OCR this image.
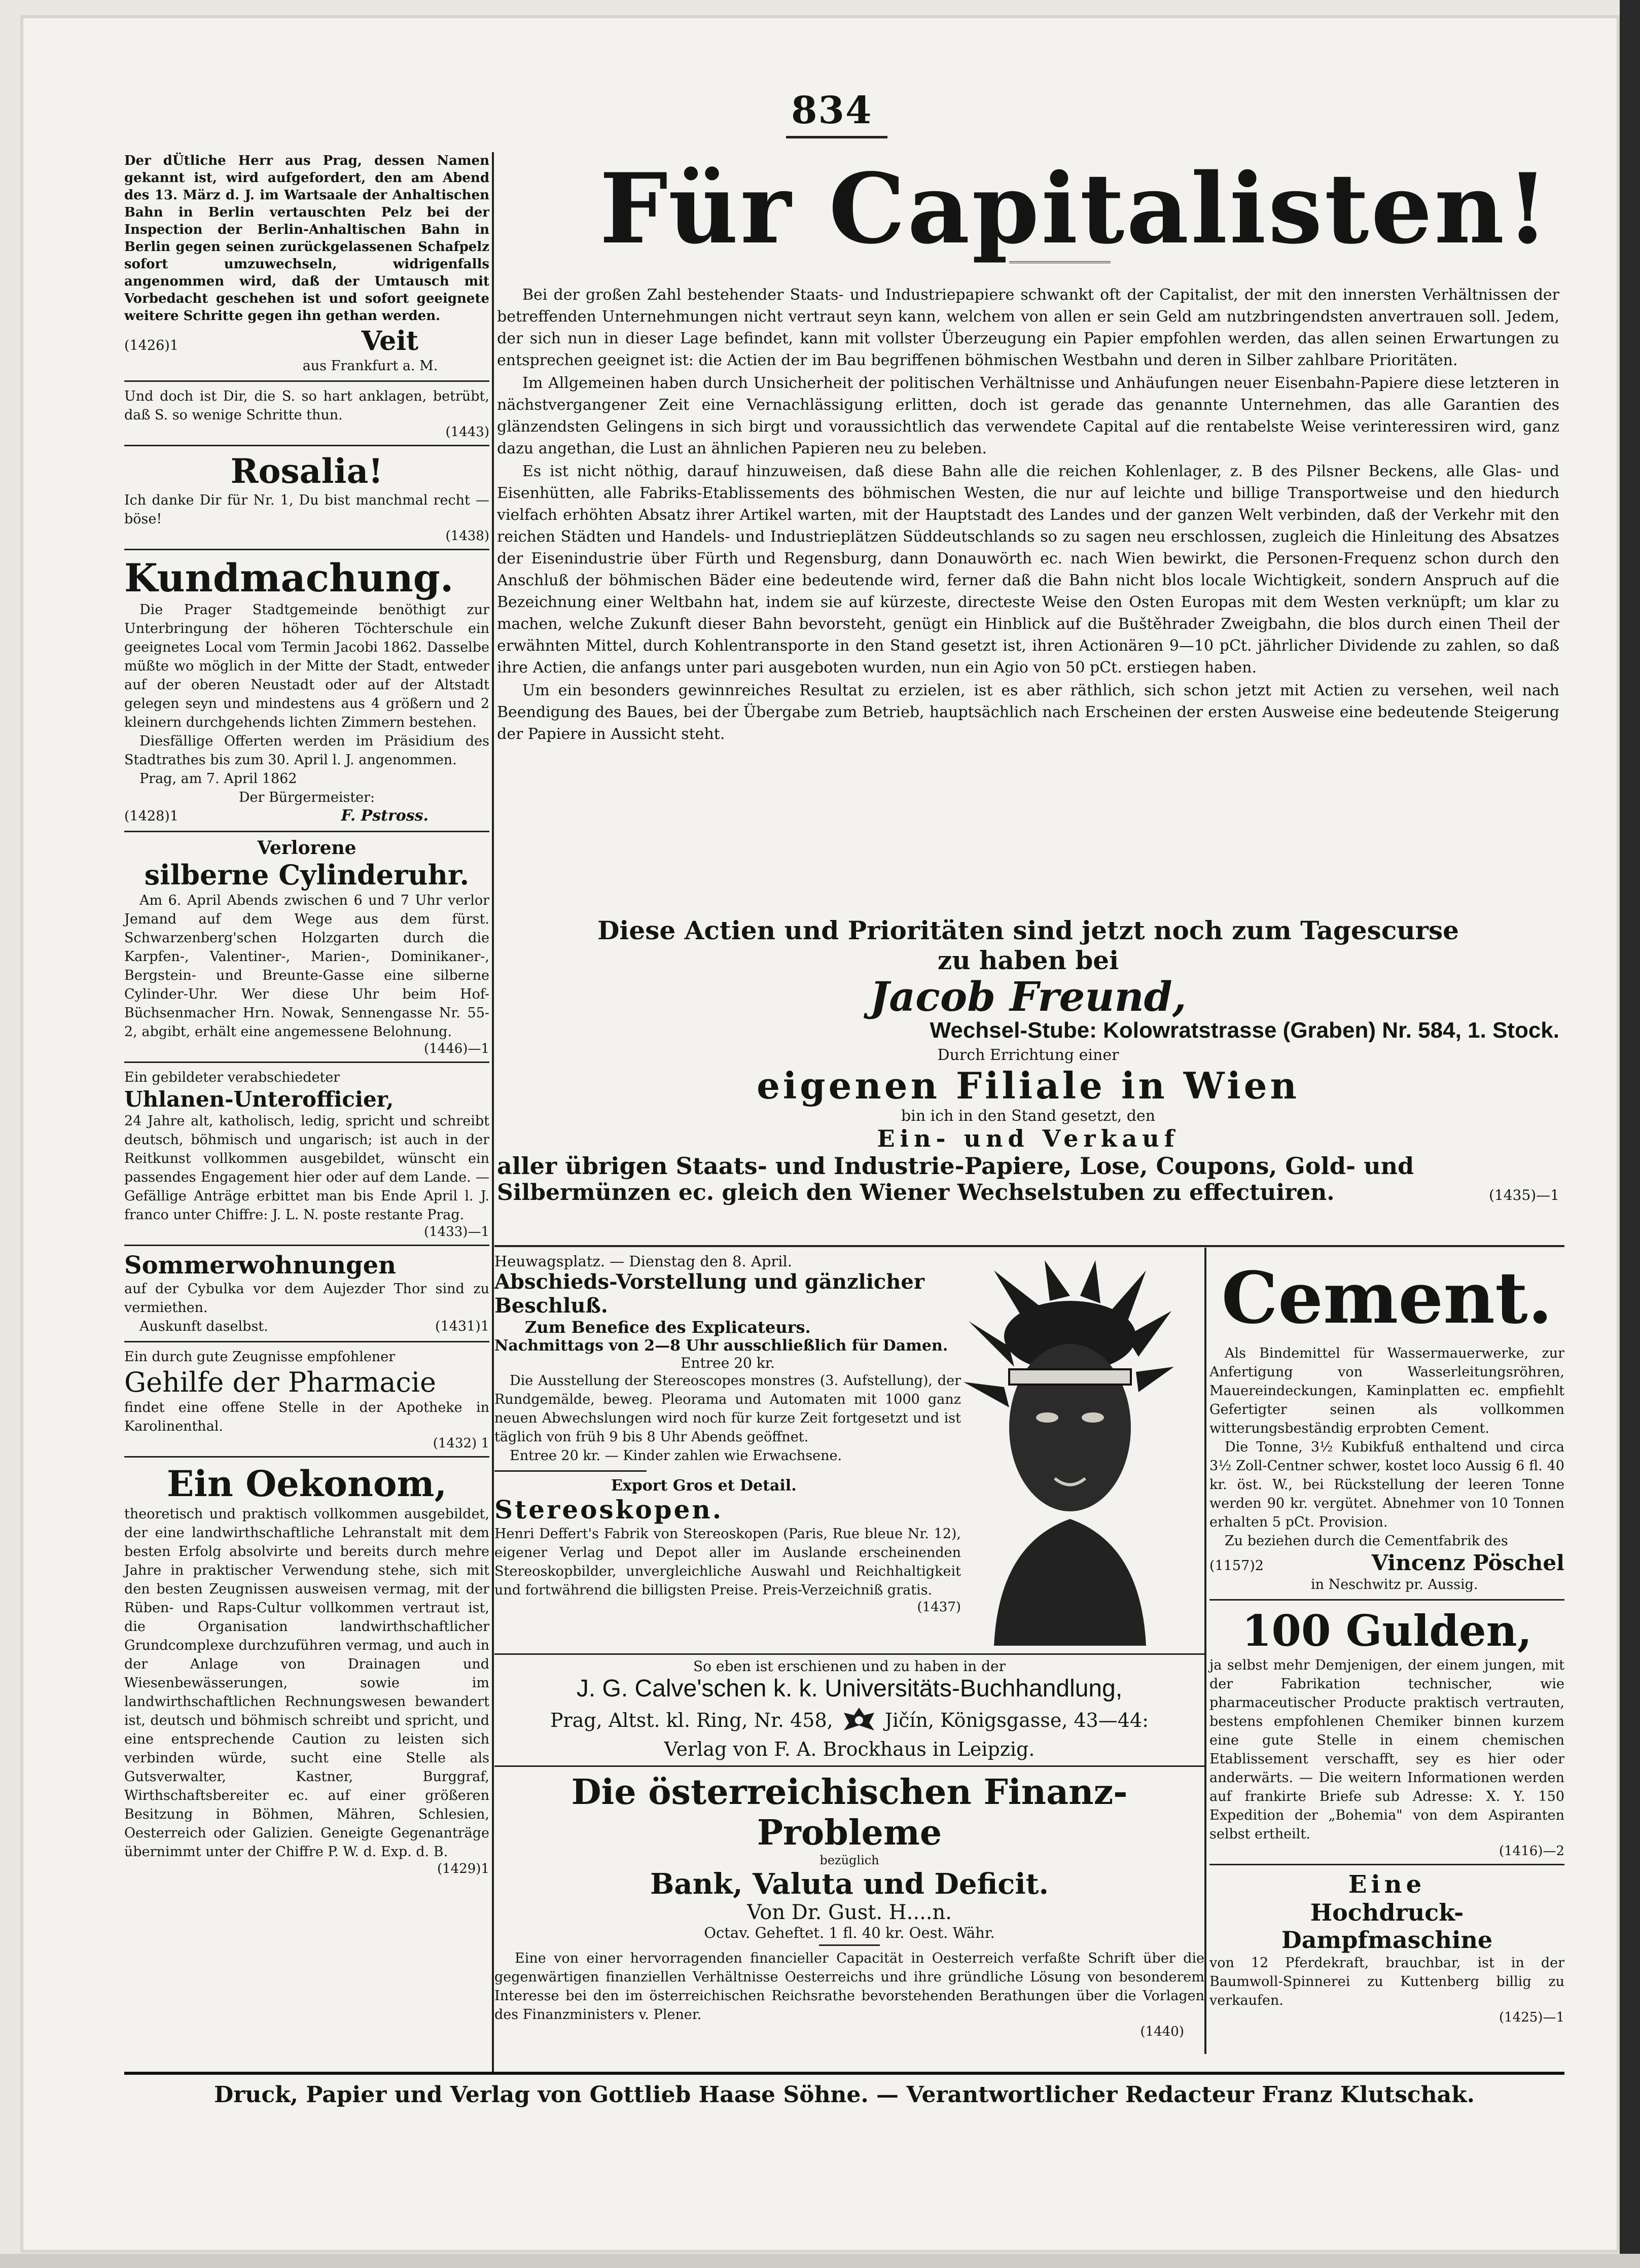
834

Der dÜtliche Herr aus Prag, dessen Namen gekannt ist, wird aufgefordert, den am Abend des 13. März d. J. im Wartsaale der Anhaltischen Bahn in Berlin vertauschten Pelz bei der Inspection der Berlin-Anhaltischen Bahn in Berlin gegen seinen zurückgelassenen Schafpelz sofort umzuwechseln, widrigenfalls angenommen wird, daß der Umtausch mit Vorbedacht geschehen ist und sofort geeignete weitere Schritte gegen ihn gethan werden.

(1426)1	Veit

aus Frankfurt a. M.

Und doch ist Dir, die S. so hart anklagen, betrübt, daß S. so wenige Schritte thun.

(1443)

Rosalia!

Ich danke Dir für Nr. 1, Du bist manchmal recht — böse!

(1438)

Kundmachung.

Die Prager Stadtgemeinde benöthigt zur Unterbringung der höheren Töchterschule ein geeignetes Local vom Termin Jacobi 1862. Dasselbe müßte wo möglich in der Mitte der Stadt, entweder auf der oberen Neustadt oder auf der Altstadt gelegen seyn und mindestens aus 4 größern und 2 kleinern durchgehends lichten Zimmern bestehen.

Diesfällige Offerten werden im Präsidium des Stadtrathes bis zum 30. April l. J. angenommen.

Prag, am 7. April 1862

Der Bürgermeister:

(1428)1	F. Pstross.

Verlorene

silberne Cylinderuhr.

Am 6. April Abends zwischen 6 und 7 Uhr verlor Jemand auf dem Wege aus dem fürst. Schwarzenberg'schen Holzgarten durch die Karpfen-, Valentiner-, Marien-, Dominikaner-, Bergstein- und Breunte-Gasse eine silberne Cylinder-Uhr. Wer diese Uhr beim Hof-Büchsenmacher Hrn. Nowak, Sennengasse Nr. 55-2, abgibt, erhält eine angemessene Belohnung.

(1446)—1

Ein gebildeter verabschiedeter

Uhlanen-Unterofficier,

24 Jahre alt, katholisch, ledig, spricht und schreibt deutsch, böhmisch und ungarisch; ist auch in der Reitkunst vollkommen ausgebildet, wünscht ein passendes Engagement hier oder auf dem Lande. — Gefällige Anträge erbittet man bis Ende April l. J. franco unter Chiffre: J. L. N. poste restante Prag.

(1433)—1

Sommerwohnungen

auf der Cybulka vor dem Aujezder Thor sind zu vermiethen.

Auskunft daselbst.	(1431)1

Ein durch gute Zeugnisse empfohlener

Gehilfe der Pharmacie

findet eine offene Stelle in der Apotheke in Karolinenthal.

(1432) 1

Ein Oekonom,

theoretisch und praktisch vollkommen ausgebildet, der eine landwirthschaftliche Lehranstalt mit dem besten Erfolg absolvirte und bereits durch mehre Jahre in praktischer Verwendung stehe, sich mit den besten Zeugnissen ausweisen vermag, mit der Rüben- und Raps-Cultur vollkommen vertraut ist, die Organisation landwirthschaftlicher Grundcomplexe durchzuführen vermag, und auch in der Anlage von Drainagen und Wiesenbewässerungen, sowie im landwirthschaftlichen Rechnungswesen bewandert ist, deutsch und böhmisch schreibt und spricht, und eine entsprechende Caution zu leisten sich verbinden würde, sucht eine Stelle als Gutsverwalter, Kastner, Burggraf, Wirthschaftsbereiter ec. auf einer größeren Besitzung in Böhmen, Mähren, Schlesien, Oesterreich oder Galizien. Geneigte Gegenanträge übernimmt unter der Chiffre P. W. d. Exp. d. B.

(1429)1

Für Capitalisten!

Bei der großen Zahl bestehender Staats- und Industriepapiere schwankt oft der Capitalist, der mit den innersten Verhältnissen der betreffenden Unternehmungen nicht vertraut seyn kann, welchem von allen er sein Geld am nutzbringendsten anvertrauen soll. Jedem, der sich nun in dieser Lage befindet, kann mit vollster Überzeugung ein Papier empfohlen werden, das allen seinen Erwartungen zu entsprechen geeignet ist: die Actien der im Bau begriffenen böhmischen Westbahn und deren in Silber zahlbare Prioritäten.

Im Allgemeinen haben durch Unsicherheit der politischen Verhältnisse und Anhäufungen neuer Eisenbahn-Papiere diese letzteren in nächstvergangener Zeit eine Vernachlässigung erlitten, doch ist gerade das genannte Unternehmen, das alle Garantien des glänzendsten Gelingens in sich birgt und voraussichtlich das verwendete Capital auf die rentabelste Weise verinteressiren wird, ganz dazu angethan, die Lust an ähnlichen Papieren neu zu beleben.

Es ist nicht nöthig, darauf hinzuweisen, daß diese Bahn alle die reichen Kohlenlager, z. B des Pilsner Beckens, alle Glas- und Eisenhütten, alle Fabriks-Etablissements des böhmischen Westen, die nur auf leichte und billige Transportweise und den hiedurch vielfach erhöhten Absatz ihrer Artikel warten, mit der Hauptstadt des Landes und der ganzen Welt verbinden, daß der Verkehr mit den reichen Städten und Handels- und Industrieplätzen Süddeutschlands so zu sagen neu erschlossen, zugleich die Hinleitung des Absatzes der Eisenindustrie über Fürth und Regensburg, dann Donauwörth ec. nach Wien bewirkt, die Personen-Frequenz schon durch den Anschluß der böhmischen Bäder eine bedeutende wird, ferner daß die Bahn nicht blos locale Wichtigkeit, sondern Anspruch auf die Bezeichnung einer Weltbahn hat, indem sie auf kürzeste, directeste Weise den Osten Europas mit dem Westen verknüpft; um klar zu machen, welche Zukunft dieser Bahn bevorsteht, genügt ein Hinblick auf die Buštěhrader Zweigbahn, die blos durch einen Theil der erwähnten Mittel, durch Kohlentransporte in den Stand gesetzt ist, ihren Actionären 9—10 pCt. jährlicher Dividende zu zahlen, so daß ihre Actien, die anfangs unter pari ausgeboten wurden, nun ein Agio von 50 pCt. erstiegen haben.

Um ein besonders gewinnreiches Resultat zu erzielen, ist es aber räthlich, sich schon jetzt mit Actien zu versehen, weil nach Beendigung des Baues, bei der Übergabe zum Betrieb, hauptsächlich nach Erscheinen der ersten Ausweise eine bedeutende Steigerung der Papiere in Aussicht steht.

Diese Actien und Prioritäten sind jetzt noch zum Tagescurse

zu haben bei

Jacob Freund,

Wechsel-Stube: Kolowratstrasse (Graben) Nr. 584, 1. Stock.

Durch Errichtung einer

eigenen Filiale in Wien

bin ich in den Stand gesetzt, den

Ein- und Verkauf

aller übrigen Staats- und Industrie-Papiere, Lose, Coupons, Gold- und

Silbermünzen ec. gleich den Wiener Wechselstuben zu effectuiren.	(1435)—1

Heuwagsplatz. — Dienstag den 8. April.

Abschieds-Vorstellung und gänzlicher Beschluß.

Zum Benefice des Explicateurs.

Nachmittags von 2—8 Uhr ausschließlich für Damen.

Entree 20 kr.

Die Ausstellung der Stereoscopes monstres (3. Aufstellung), der Rundgemälde, beweg. Pleorama und Automaten mit 1000 ganz neuen Abwechslungen wird noch für kurze Zeit fortgesetzt und ist täglich von früh 9 bis 8 Uhr Abends geöffnet.

Entree 20 kr. — Kinder zahlen wie Erwachsene.

Export Gros et Detail.

Stereoskopen.

Henri Deffert's Fabrik von Stereoskopen (Paris, Rue bleue Nr. 12), eigener Verlag und Depot aller im Auslande erscheinenden Stereoskopbilder, unvergleichliche Auswahl und Reichhaltigkeit und fortwährend die billigsten Preise. Preis-Verzeichniß gratis.

(1437)

So eben ist erschienen und zu haben in der

J. G. Calve'schen k. k. Universitäts-Buchhandlung,

Prag, Altst. kl. Ring, Nr. 458,	Jičín, Königsgasse, 43—44:

Verlag von F. A. Brockhaus in Leipzig.

Die österreichischen Finanz-Probleme

bezüglich

Bank, Valuta und Deficit.

Von Dr. Gust. H....n.

Octav. Geheftet. 1 fl. 40 kr. Oest. Währ.

Eine von einer hervorragenden financieller Capacität in Oesterreich verfaßte Schrift über die gegenwärtigen finanziellen Verhältnisse Oesterreichs und ihre gründliche Lösung von besonderem Interesse bei den im österreichischen Reichsrathe bevorstehenden Berathungen über die Vorlagen des Finanzministers v. Plener.

(1440)

Cement.

Als Bindemittel für Wassermauerwerke, zur Anfertigung von Wasserleitungsröhren, Mauereindeckungen, Kaminplatten ec. empfiehlt Gefertigter seinen als vollkommen witterungsbeständig erprobten Cement.

Die Tonne, 3½ Kubikfuß enthaltend und circa 3½ Zoll-Centner schwer, kostet loco Aussig 6 fl. 40 kr. öst. W., bei Rückstellung der leeren Tonne werden 90 kr. vergütet. Abnehmer von 10 Tonnen erhalten 5 pCt. Provision.

Zu beziehen durch die Cementfabrik des

(1157)2	Vincenz Pöschel

in Neschwitz pr. Aussig.

100 Gulden,

ja selbst mehr Demjenigen, der einem jungen, mit der Fabrikation technischer, wie pharmaceutischer Producte praktisch vertrauten, bestens empfohlenen Chemiker binnen kurzem eine gute Stelle in einem chemischen Etablissement verschafft, sey es hier oder anderwärts. — Die weitern Informationen werden auf frankirte Briefe sub Adresse: X. Y. 150 Expedition der „Bohemia" von dem Aspiranten selbst ertheilt.

(1416)—2

Eine

Hochdruck-Dampfmaschine

von 12 Pferdekraft, brauchbar, ist in der Baumwoll-Spinnerei zu Kuttenberg billig zu verkaufen.

(1425)—1

Druck, Papier und Verlag von Gottlieb Haase Söhne. — Verantwortlicher Redacteur Franz Klutschak.
